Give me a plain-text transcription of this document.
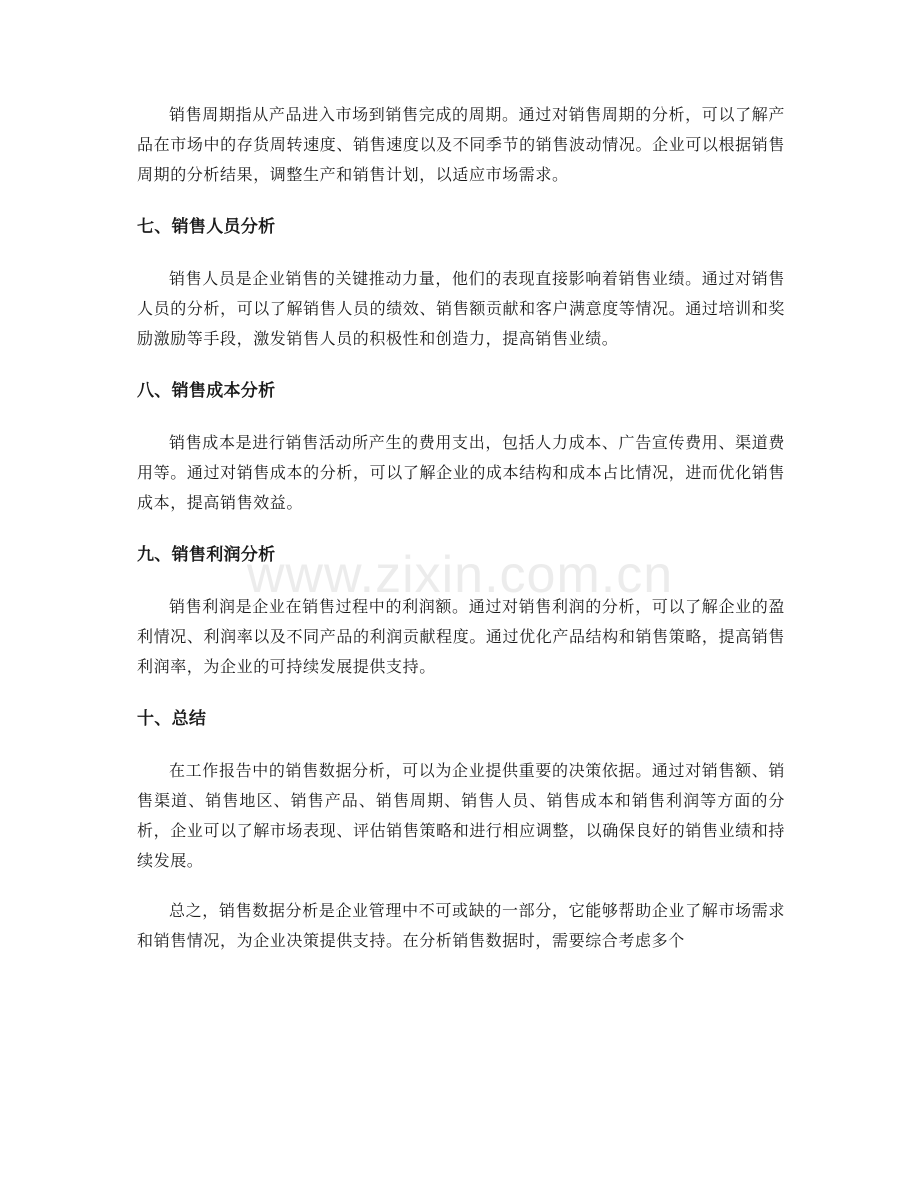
www.zixin.com.cn

销售周期指从产品进入市场到销售完成的周期。通过对销售周期的分析，可以了解产品在市场中的存货周转速度、销售速度以及不同季节的销售波动情况。企业可以根据销售周期的分析结果，调整生产和销售计划，以适应市场需求。

七、销售人员分析

销售人员是企业销售的关键推动力量，他们的表现直接影响着销售业绩。通过对销售人员的分析，可以了解销售人员的绩效、销售额贡献和客户满意度等情况。通过培训和奖励激励等手段，激发销售人员的积极性和创造力，提高销售业绩。

八、销售成本分析

销售成本是进行销售活动所产生的费用支出，包括人力成本、广告宣传费用、渠道费用等。通过对销售成本的分析，可以了解企业的成本结构和成本占比情况，进而优化销售成本，提高销售效益。

九、销售利润分析

销售利润是企业在销售过程中的利润额。通过对销售利润的分析，可以了解企业的盈利情况、利润率以及不同产品的利润贡献程度。通过优化产品结构和销售策略，提高销售利润率，为企业的可持续发展提供支持。

十、总结

在工作报告中的销售数据分析，可以为企业提供重要的决策依据。通过对销售额、销售渠道、销售地区、销售产品、销售周期、销售人员、销售成本和销售利润等方面的分析，企业可以了解市场表现、评估销售策略和进行相应调整，以确保良好的销售业绩和持续发展。

总之，销售数据分析是企业管理中不可或缺的一部分，它能够帮助企业了解市场需求和销售情况，为企业决策提供支持。在分析销售数据时，需要综合考虑多个
